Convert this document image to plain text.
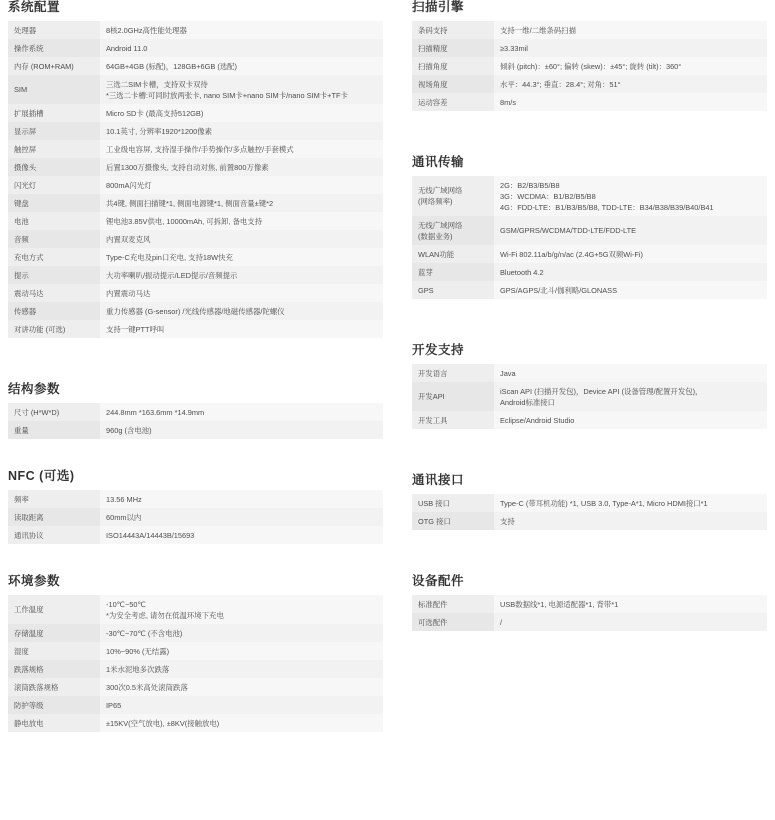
系统配置
处理器	8核2.0GHz高性能处理器
操作系统	Android 11.0
内存 (ROM+RAM)	64GB+4GB (标配)，128GB+6GB (选配)
SIM	三选二SIM卡槽，支持双卡双待
*三选二卡槽:可同时放两张卡, nano SIM卡+nano SIM卡/nano SIM卡+TF卡
扩展插槽	Micro SD卡 (最高支持512GB)
显示屏	10.1英寸, 分辨率1920*1200像素
触控屏	工业级电容屏, 支持湿手操作/手势操作/多点触控/手套模式
摄像头	后置1300万摄像头, 支持自动对焦, 前置800万像素
闪光灯	800mA闪光灯
键盘	共4键, 侧面扫描键*1, 侧面电源键*1, 侧面音量±键*2
电池	锂电池3.85V供电, 10000mAh, 可拆卸, 备电支持
音频	内置双麦克风
充电方式	Type-C充电及pin口充电, 支持18W快充
提示	大功率喇叭/振动提示/LED提示/音频提示
震动马达	内置震动马达
传感器	重力传感器 (G-sensor) /光线传感器/地磁传感器/陀螺仪
对讲功能 (可选)	支持一键PTT呼叫
结构参数
尺寸 (H*W*D)	244.8mm *163.6mm *14.9mm
重量	960g (含电池)
NFC (可选)
频率	13.56 MHz
读取距离	60mm以内
通讯协议	ISO14443A/14443B/15693
环境参数
工作温度	-10℃~50℃
*为安全考虑, 请勿在低温环境下充电
存储温度	-30℃~70℃ (不含电池)
湿度	10%~90% (无结露)
跌落规格	1米水泥地多次跌落
滚筒跌落规格	300次0.5米高处滚筒跌落
防护等级	IP65
静电放电	±15KV(空气放电), ±8KV(接触放电)
扫描引擎
条码支持	支持一维/二维条码扫描
扫描精度	≥3.33mil
扫描角度	倾斜 (pitch)：±60°; 偏转 (skew)：±45°; 旋转 (tilt)：360°
视场角度	水平：44.3°; 垂直：28.4°; 对角：51°
运动容差	8m/s
通讯传输
无线广域网络
(网络频率)	2G：B2/B3/B5/B8
3G：WCDMA：B1/B2/B5/B8
4G：FDD-LTE：B1/B3/B5/B8, TDD-LTE：B34/B38/B39/B40/B41
无线广域网络
(数据业务)	GSM/GPRS/WCDMA/TDD-LTE/FDD-LTE
WLAN功能	Wi-Fi 802.11a/b/g/n/ac (2.4G+5G双频Wi-Fi)
蓝芽	Bluetooth 4.2
GPS	GPS/AGPS/北斗/伽利略/GLONASS
开发支持
开发语言	Java
开发API	iScan API (扫描开发包)，Device API (设备管理/配置开发包)，
Android标准接口
开发工具	Eclipse/Android Studio
通讯接口
USB 接口	Type-C (带耳机功能) *1, USB 3.0, Type-A*1, Micro HDMI接口*1
OTG 接口	支持
设备配件
标准配件	USB数据线*1, 电源适配器*1, 背带*1
可选配件	/
